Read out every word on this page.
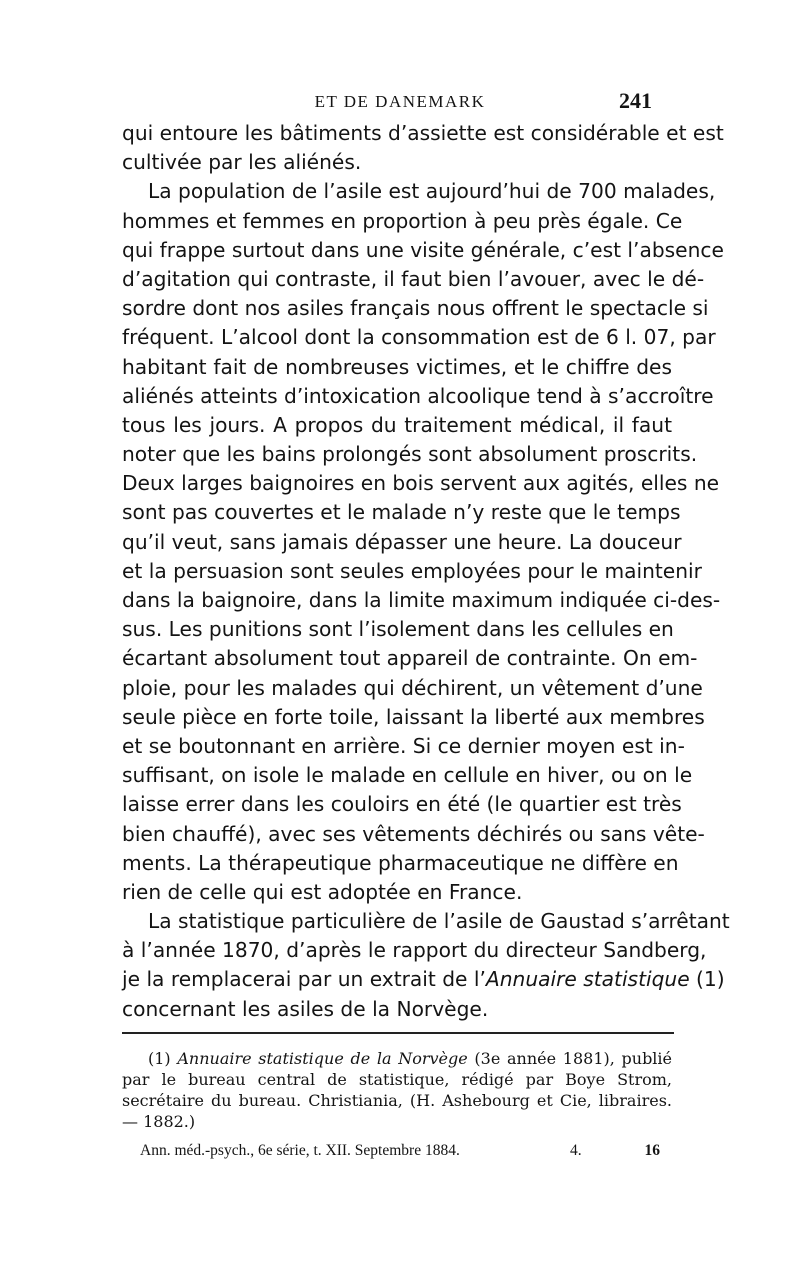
ET DE DANEMARK	241
qui entoure les bâtiments d’assiette est considérable et est
cultivée par les aliénés.
La population de l’asile est aujourd’hui de 700 malades,
hommes et femmes en proportion à peu près égale. Ce
qui frappe surtout dans une visite générale, c’est l’absence
d’agitation qui contraste, il faut bien l’avouer, avec le dé-
sordre dont nos asiles français nous offrent le spectacle si
fréquent. L’alcool dont la consommation est de 6 l. 07, par
habitant fait de nombreuses victimes, et le chiffre des
aliénés atteints d’intoxication alcoolique tend à s’accroître
tous les jours. A propos du traitement médical, il faut
noter que les bains prolongés sont absolument proscrits.
Deux larges baignoires en bois servent aux agités, elles ne
sont pas couvertes et le malade n’y reste que le temps
qu’il veut, sans jamais dépasser une heure. La douceur
et la persuasion sont seules employées pour le maintenir
dans la baignoire, dans la limite maximum indiquée ci-des-
sus. Les punitions sont l’isolement dans les cellules en
écartant absolument tout appareil de contrainte. On em-
ploie, pour les malades qui déchirent, un vêtement d’une
seule pièce en forte toile, laissant la liberté aux membres
et se boutonnant en arrière. Si ce dernier moyen est in-
suffisant, on isole le malade en cellule en hiver, ou on le
laisse errer dans les couloirs en été (le quartier est très
bien chauffé), avec ses vêtements déchirés ou sans vête-
ments. La thérapeutique pharmaceutique ne diffère en
rien de celle qui est adoptée en France.
La statistique particulière de l’asile de Gaustad s’arrêtant
à l’année 1870, d’après le rapport du directeur Sandberg,
je la remplacerai par un extrait de l’Annuaire statistique (1)
concernant les asiles de la Norvège.
(1) Annuaire statistique de la Norvège (3e année 1881), publié
par le bureau central de statistique, rédigé par Boye Strom,
secrétaire du bureau. Christiania, (H. Ashebourg et Cie, libraires.
— 1882.)
Ann. méd.-psych., 6e série, t. XII. Septembre 1884.	4.	16
